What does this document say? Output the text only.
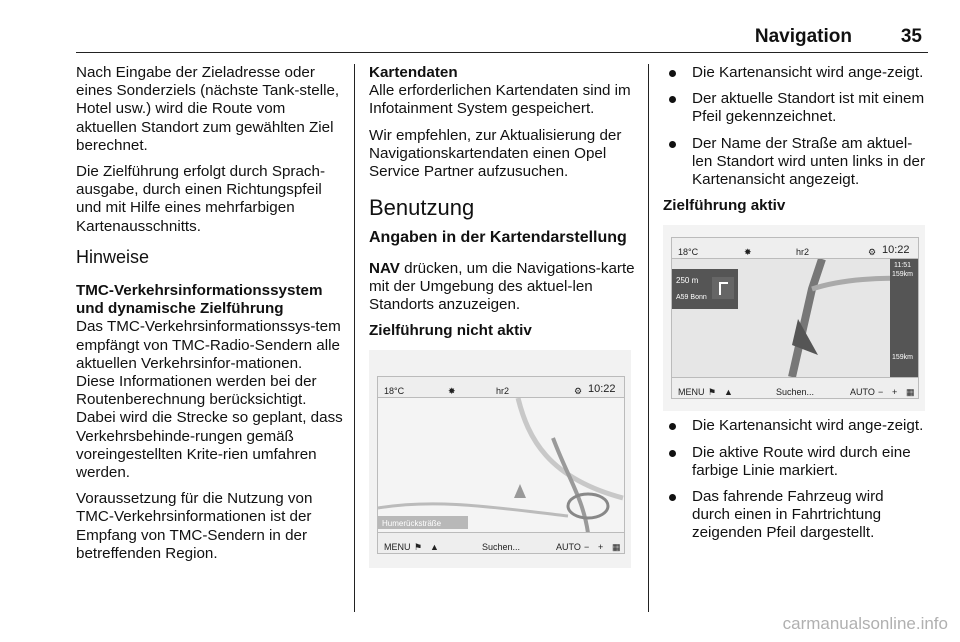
Navigation	35

Nach Eingabe der Zieladresse oder eines Sonderziels (nächste Tank-stelle, Hotel usw.) wird die Route vom aktuellen Standort zum gewählten Ziel berechnet.

Die Zielführung erfolgt durch Sprach-ausgabe, durch einen Richtungspfeil und mit Hilfe eines mehrfarbigen Kartenausschnitts.

Hinweise

TMC-Verkehrsinformationssystem und dynamische Zielführung

Das TMC-Verkehrsinformationssys-tem empfängt von TMC-Radio-Sendern alle aktuellen Verkehrsinfor-mationen. Diese Informationen werden bei der Routenberechnung berücksichtigt. Dabei wird die Strecke so geplant, dass Verkehrsbehinde-rungen gemäß voreingestellten Krite-rien umfahren werden.

Voraussetzung für die Nutzung von TMC-Verkehrsinformationen ist der Empfang von TMC-Sendern in der betreffenden Region.

Kartendaten

Alle erforderlichen Kartendaten sind im Infotainment System gespeichert.

Wir empfehlen, zur Aktualisierung der Navigationskartendaten einen Opel Service Partner aufzusuchen.

Benutzung
Angaben in der Kartendarstellung

NAV drücken, um die Navigations-karte mit der Umgebung des aktuel-len Standorts anzuzeigen.

Zielführung nicht aktiv

18°C	✸	hr2	⚙ 10:22
Humerücksträße
MENU ⚑ ▲	Suchen...	AUTO − + ▦
Die Kartenansicht wird ange-zeigt.
Der aktuelle Standort ist mit einem Pfeil gekennzeichnet.
Der Name der Straße am aktuel-len Standort wird unten links in der Kartenansicht angezeigt.

Zielführung aktiv

18°C	✸	hr2	⚙ 10:22
250 m
A59 Bonn
11:51
159km
159km
MENU ⚑ ▲	Suchen...	AUTO − + ▦
Die Kartenansicht wird ange-zeigt.
Die aktive Route wird durch eine farbige Linie markiert.
Das fahrende Fahrzeug wird durch einen in Fahrtrichtung zeigenden Pfeil dargestellt.
carmanualsonline.info
